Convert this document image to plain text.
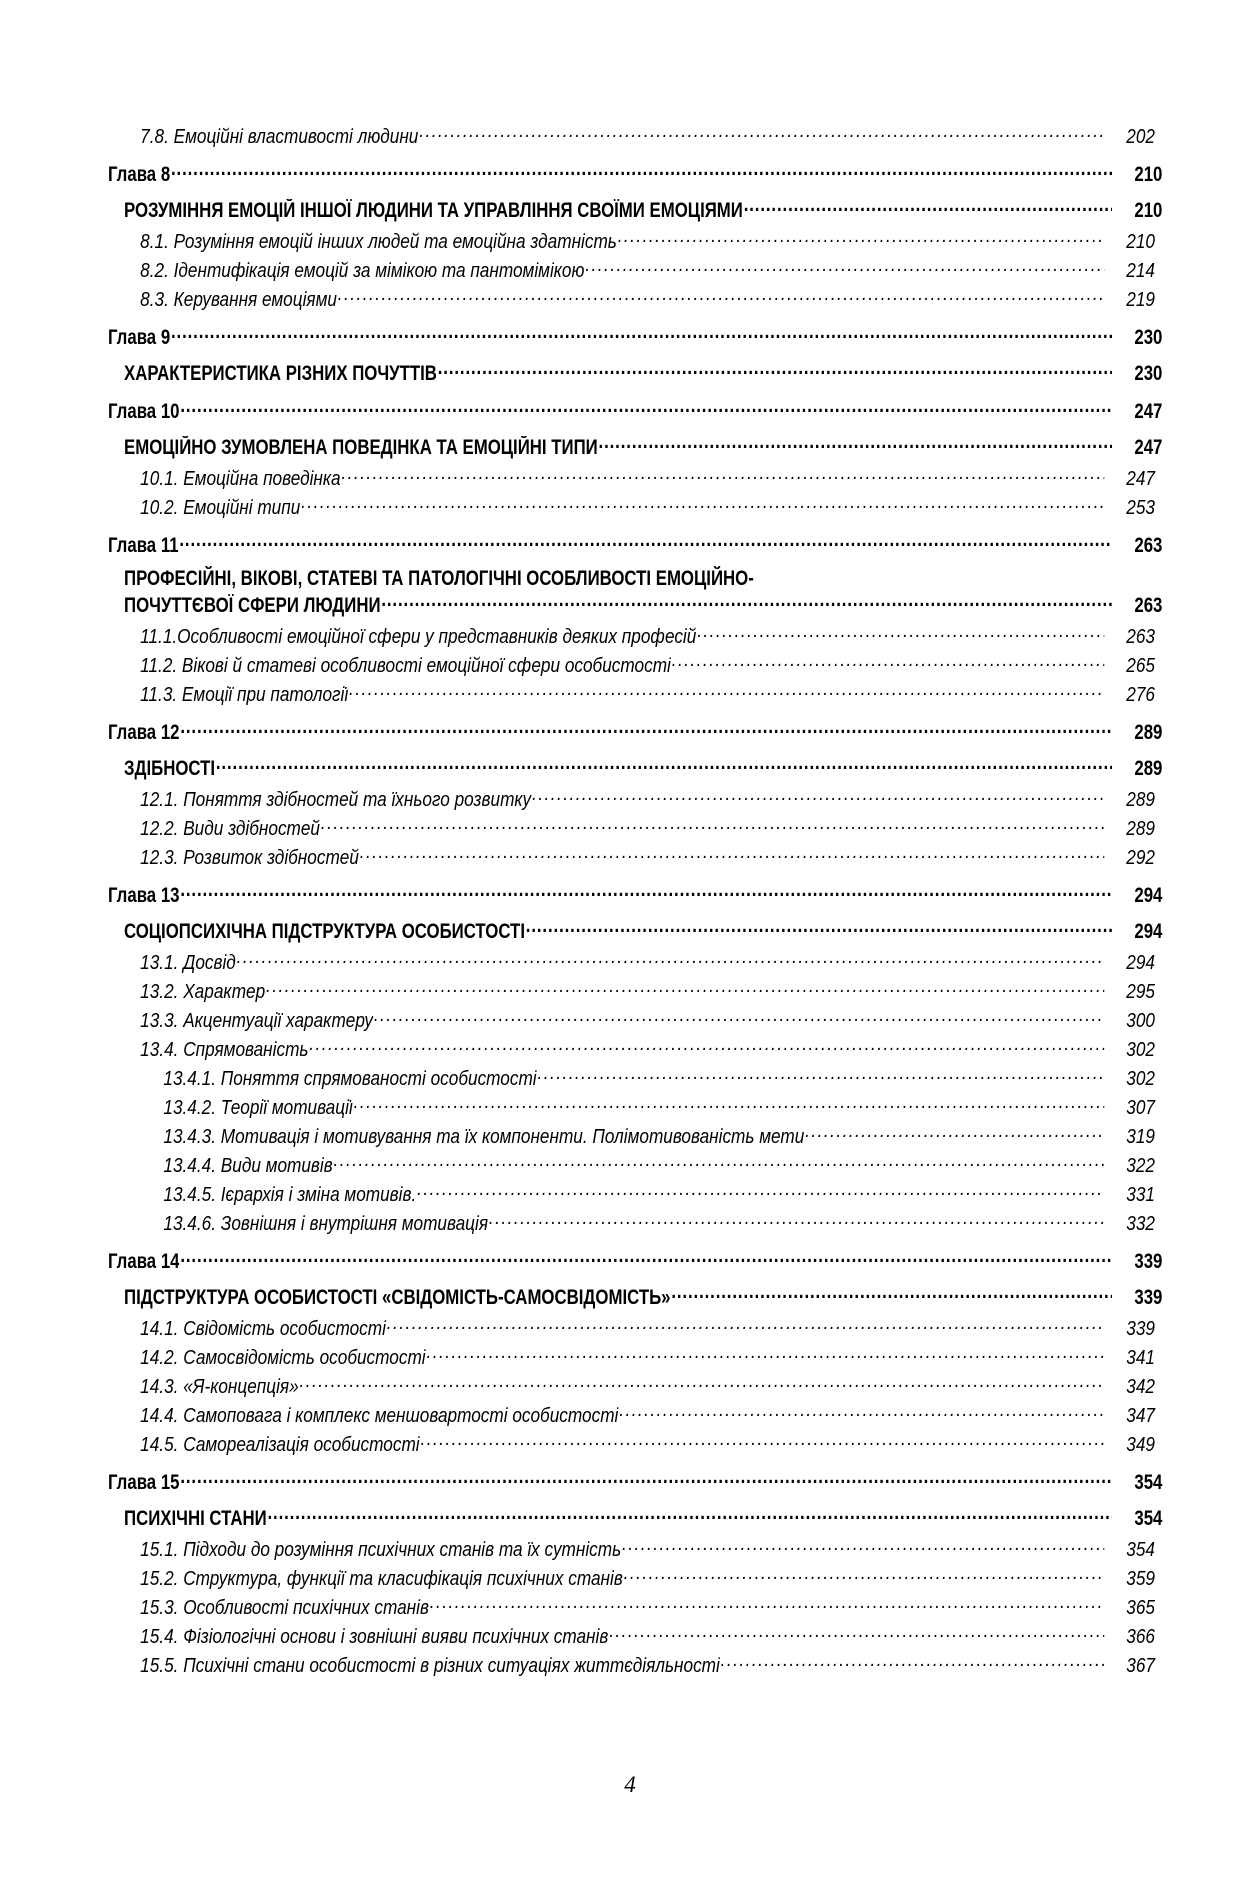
7.8. Емоційні властивості людини .....	202
Глава 8 .....	210
РОЗУМІННЯ ЕМОЦІЙ ІНШОЇ ЛЮДИНИ ТА УПРАВЛІННЯ СВОЇМИ ЕМОЦІЯМИ .....	210
8.1. Розуміння емоцій інших людей та емоційна здатність .....	210
8.2. Ідентифікація емоцій за мімікою та пантомімікою .....	214
8.3. Керування емоціями .....	219
Глава 9 .....	230
ХАРАКТЕРИСТИКА РІЗНИХ ПОЧУТТІВ .....	230
Глава 10 .....	247
ЕМОЦІЙНО ЗУМОВЛЕНА ПОВЕДІНКА ТА ЕМОЦІЙНІ ТИПИ .....	247
10.1. Емоційна поведінка .....	247
10.2. Емоційні типи .....	253
Глава 11 .....	263
ПРОФЕСІЙНІ, ВІКОВІ, СТАТЕВІ ТА ПАТОЛОГІЧНІ ОСОБЛИВОСТІ ЕМОЦІЙНО-
ПОЧУТТЄВОЇ СФЕРИ ЛЮДИНИ .....	263
11.1.Особливості емоційної сфери у представників деяких професій .....	263
11.2. Вікові й статеві особливості емоційної сфери особистості .....	265
11.3. Емоції при патології .....	276
Глава 12 .....	289
ЗДІБНОСТІ .....	289
12.1. Поняття здібностей та їхнього розвитку .....	289
12.2. Види здібностей .....	289
12.3. Розвиток здібностей .....	292
Глава 13 .....	294
СОЦІОПСИХІЧНА ПІДСТРУКТУРА ОСОБИСТОСТІ .....	294
13.1. Досвід .....	294
13.2. Характер .....	295
13.3. Акцентуації характеру .....	300
13.4. Спрямованість .....	302
13.4.1. Поняття спрямованості особистості .....	302
13.4.2. Теорії мотивації .....	307
13.4.3. Мотивація і мотивування та їх компоненти. Полімотивованість мети .....	319
13.4.4. Види мотивів .....	322
13.4.5. Ієрархія і зміна мотивів. .....	331
13.4.6. Зовнішня і внутрішня мотивація .....	332
Глава 14 .....	339
ПІДСТРУКТУРА ОСОБИСТОСТІ «СВІДОМІСТЬ-САМОСВІДОМІСТЬ» .....	339
14.1. Свідомість особистості .....	339
14.2. Самосвідомість особистості .....	341
14.3. «Я-концепція» .....	342
14.4. Самоповага і комплекс меншовартості особистості .....	347
14.5. Самореалізація особистості .....	349
Глава 15 .....	354
ПСИХІЧНІ СТАНИ .....	354
15.1. Підходи до розуміння психічних станів та їх сутність .....	354
15.2. Структура, функції та класифікація психічних станів .....	359
15.3. Особливості психічних станів .....	365
15.4. Фізіологічні основи і зовнішні вияви психічних станів .....	366
15.5. Психічні стани особистості в різних ситуаціях життєдіяльності .....	367
4
